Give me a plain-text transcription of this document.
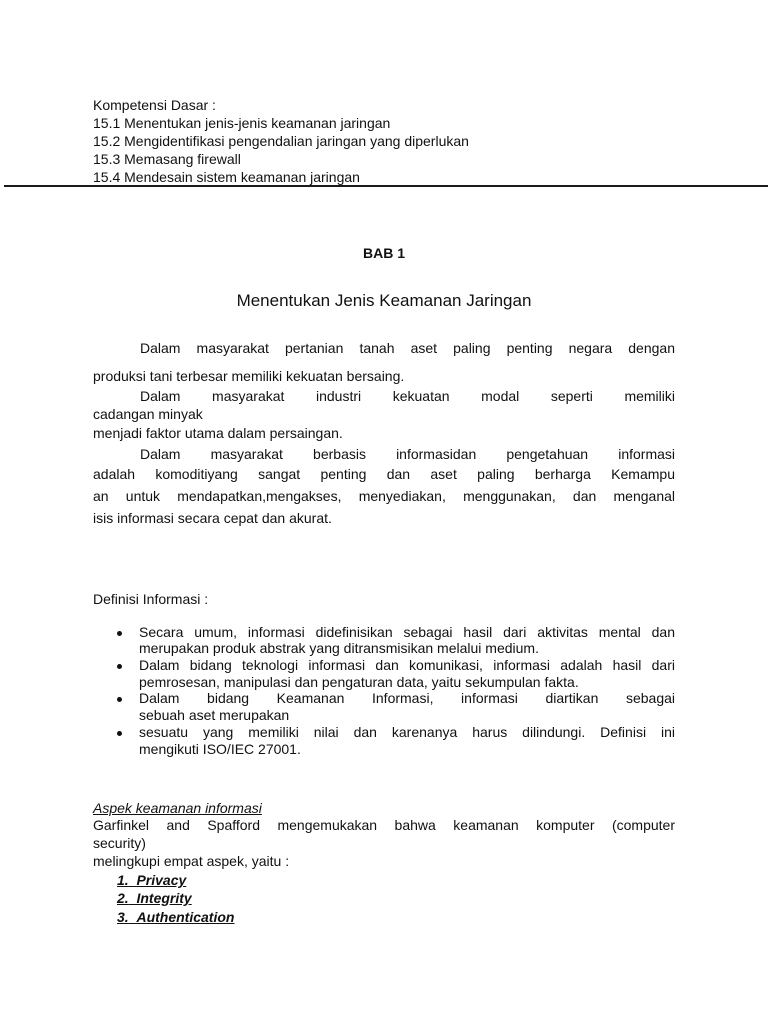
Kompetensi Dasar :
15.1 Menentukan jenis-jenis keamanan jaringan
15.2 Mengidentifikasi pengendalian jaringan yang diperlukan
15.3 Memasang firewall
15.4 Mendesain sistem keamanan jaringan
BAB 1
Menentukan Jenis Keamanan Jaringan
Dalam masyarakat pertanian tanah aset paling penting negara dengan
produksi tani terbesar memiliki kekuatan bersaing.
Dalam masyarakat industri kekuatan modal seperti memiliki
cadangan minyak
menjadi faktor utama dalam persaingan.
Dalam masyarakat berbasis informasidan pengetahuan informasi
adalah komoditiyang sangat penting dan aset paling berharga Kemampu
an untuk mendapatkan,mengakses, menyediakan, menggunakan, dan menganal
isis informasi secara cepat dan akurat.
Definisi Informasi :
Secara umum, informasi didefinisikan sebagai hasil dari aktivitas mental dan
merupakan produk abstrak yang ditransmisikan melalui medium.
Dalam bidang teknologi informasi dan komunikasi, informasi adalah hasil dari
pemrosesan, manipulasi dan pengaturan data, yaitu sekumpulan fakta.
Dalam bidang Keamanan Informasi, informasi diartikan sebagai
sebuah aset merupakan
sesuatu yang memiliki nilai dan karenanya harus dilindungi. Definisi ini
mengikuti ISO/IEC 27001.
Aspek keamanan informasi
Garfinkel and Spafford mengemukakan bahwa keamanan komputer (computer
security)
melingkupi empat aspek, yaitu :
1. Privacy
2. Integrity
3. Authentication
